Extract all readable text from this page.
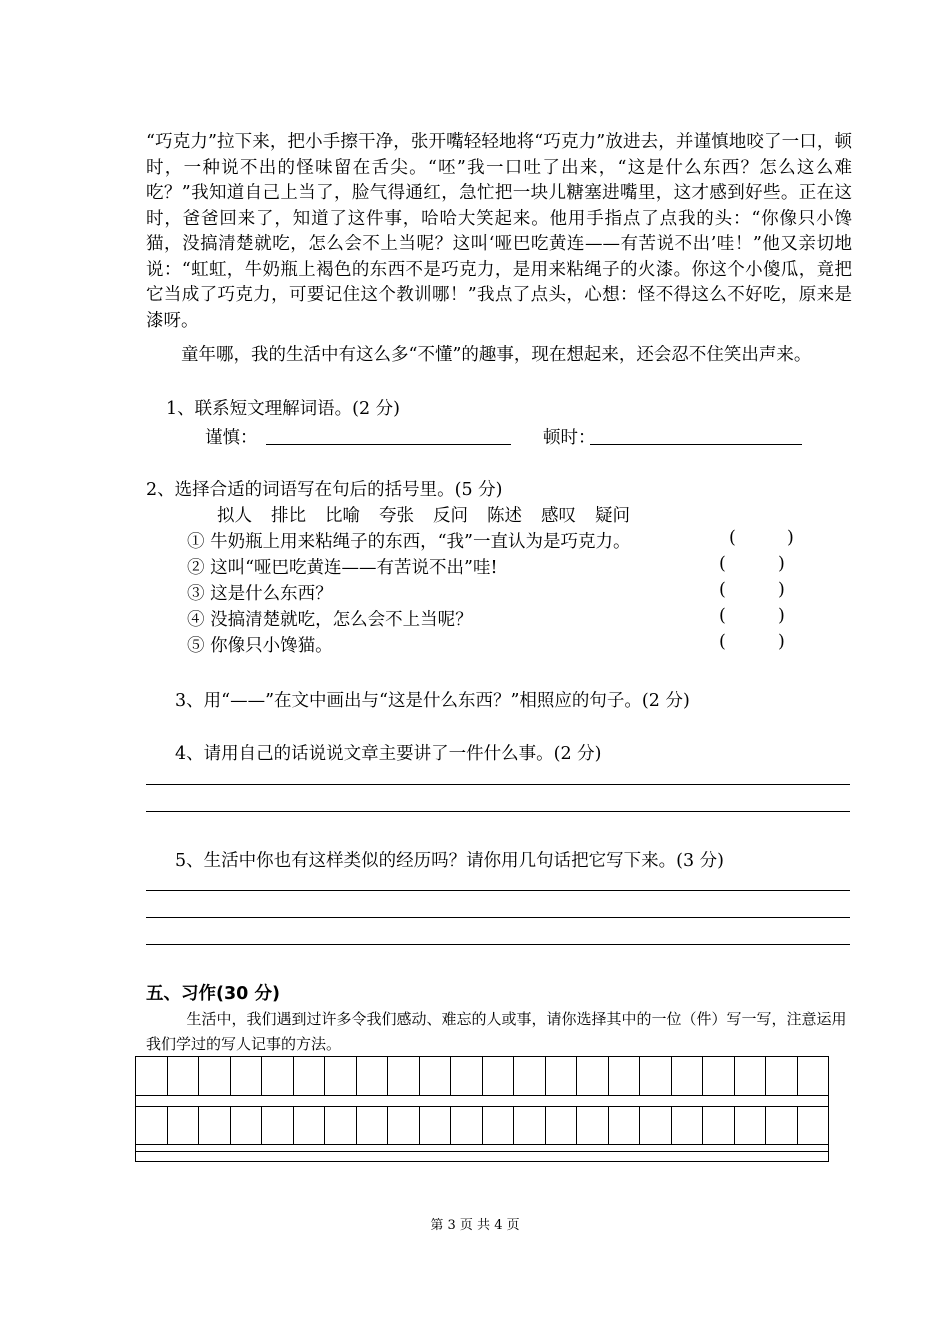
“巧克力”拉下来，把小手擦干净，张开嘴轻轻地将“巧克力”放进去，并谨慎地咬了一口，顿时，一种说不出的怪味留在舌尖。“呸”我一口吐了出来，“这是什么东西？怎么这么难吃？”我知道自己上当了，脸气得通红，急忙把一块儿糖塞进嘴里，这才感到好些。正在这时，爸爸回来了，知道了这件事，哈哈大笑起来。他用手指点了点我的头：“你像只小馋猫，没搞清楚就吃，怎么会不上当呢？这叫‘哑巴吃黄连——有苦说不出’哇！”他又亲切地说：“虹虹，牛奶瓶上褐色的东西不是巧克力，是用来粘绳子的火漆。你这个小傻瓜，竟把它当成了巧克力，可要记住这个教训哪！”我点了点头，心想：怪不得这么不好吃，原来是漆呀。

童年哪，我的生活中有这么多“不懂”的趣事，现在想起来，还会忍不住笑出声来。

1、联系短文理解词语。(2 分)
谨慎：	顿时：
2、选择合适的词语写在句后的括号里。(5 分)
拟人 排比 比喻 夸张 反问 陈述 感叹 疑问
① 牛奶瓶上用来粘绳子的东西，“我”一直认为是巧克力。	(	)
② 这叫“哑巴吃黄连——有苦说不出”哇!	(	)
③ 这是什么东西？	(	)
④ 没搞清楚就吃，怎么会不上当呢？	(	)
⑤ 你像只小馋猫。	(	)
3、用“——”在文中画出与“这是什么东西？”相照应的句子。(2 分)
4、请用自己的话说说文章主要讲了一件什么事。(2 分)
5、生活中你也有这样类似的经历吗？请你用几句话把它写下来。(3 分)
五、习作(30 分)

生活中，我们遇到过许多令我们感动、难忘的人或事，请你选择其中的一位（件）写一写，注意运用我们学过的写人记事的方法。

第 3 页 共 4 页
